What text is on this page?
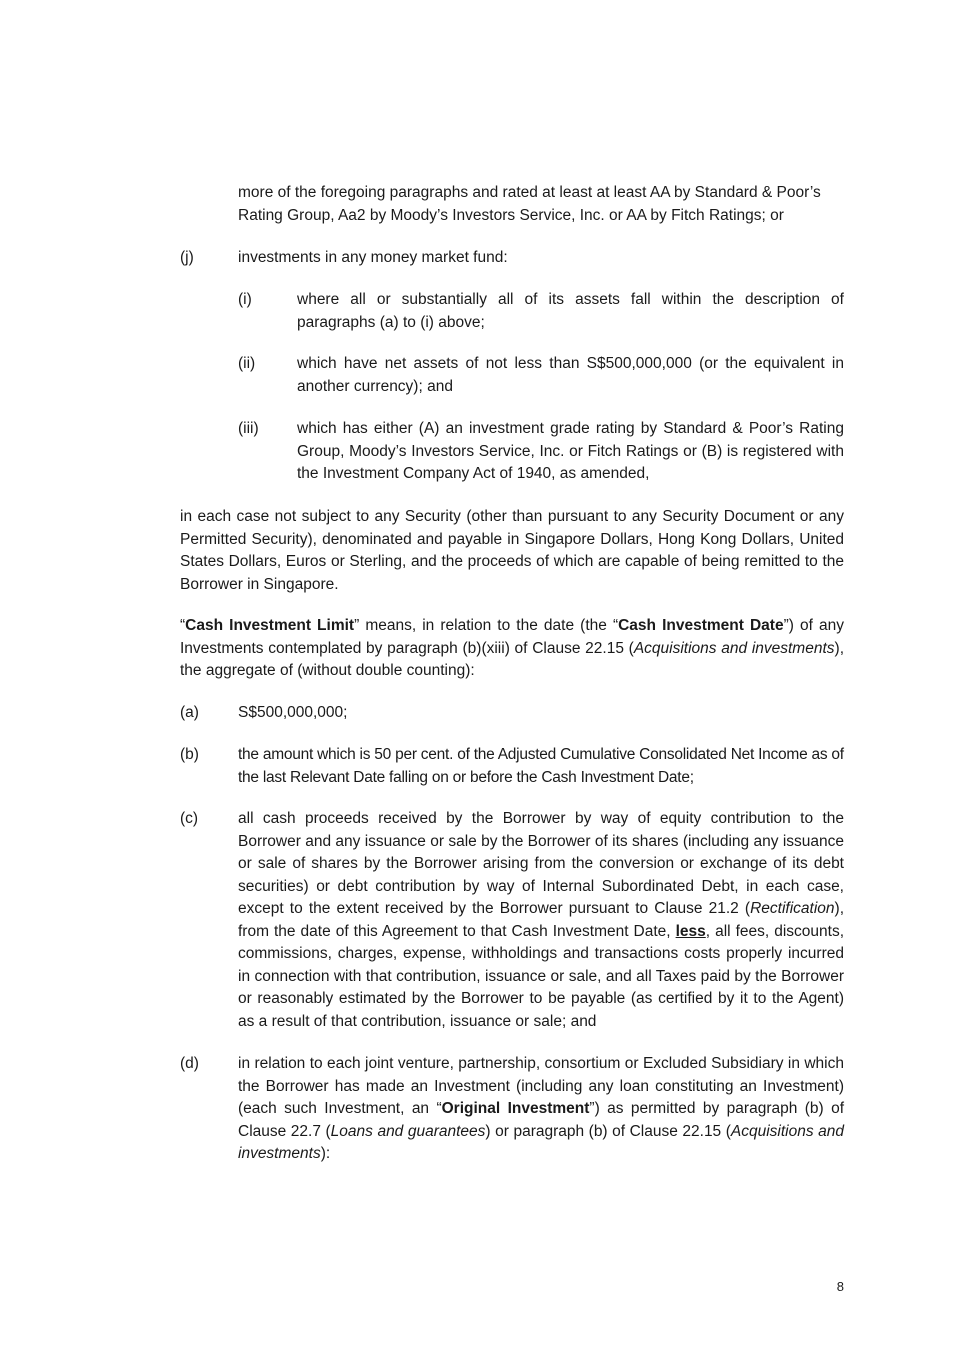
more of the foregoing paragraphs and rated at least at least AA by Standard & Poor’s Rating Group, Aa2 by Moody’s Investors Service, Inc. or AA by Fitch Ratings; or

(j)	investments in any money market fund:

(i)	where all or substantially all of its assets fall within the description of paragraphs (a) to (i) above;

(ii)	which have net assets of not less than S$500,000,000 (or the equivalent in another currency); and

(iii) which has either (A) an investment grade rating by Standard & Poor’s Rating Group, Moody’s Investors Service, Inc. or Fitch Ratings or (B) is registered with the Investment Company Act of 1940, as amended,

in each case not subject to any Security (other than pursuant to any Security Document or any Permitted Security), denominated and payable in Singapore Dollars, Hong Kong Dollars, United States Dollars, Euros or Sterling, and the proceeds of which are capable of being remitted to the Borrower in Singapore.

“Cash Investment Limit” means, in relation to the date (the “Cash Investment Date”) of any Investments contemplated by paragraph (b)(xiii) of Clause 22.15 (Acquisitions and investments), the aggregate of (without double counting):

(a)	S$500,000,000;

(b)	the amount which is 50 per cent. of the Adjusted Cumulative Consolidated Net Income as of the last Relevant Date falling on or before the Cash Investment Date;

(c)	all cash proceeds received by the Borrower by way of equity contribution to the Borrower and any issuance or sale by the Borrower of its shares (including any issuance or sale of shares by the Borrower arising from the conversion or exchange of its debt securities) or debt contribution by way of Internal Subordinated Debt, in each case, except to the extent received by the Borrower pursuant to Clause 21.2 (Rectification), from the date of this Agreement to that Cash Investment Date, less, all fees, discounts, commissions, charges, expense, withholdings and transactions costs properly incurred in connection with that contribution, issuance or sale, and all Taxes paid by the Borrower or reasonably estimated by the Borrower to be payable (as certified by it to the Agent) as a result of that contribution, issuance or sale; and

(d)	in relation to each joint venture, partnership, consortium or Excluded Subsidiary in which the Borrower has made an Investment (including any loan constituting an Investment) (each such Investment, an “Original Investment”) as permitted by paragraph (b) of Clause 22.7 (Loans and guarantees) or paragraph (b) of Clause 22.15 (Acquisitions and investments):

8
